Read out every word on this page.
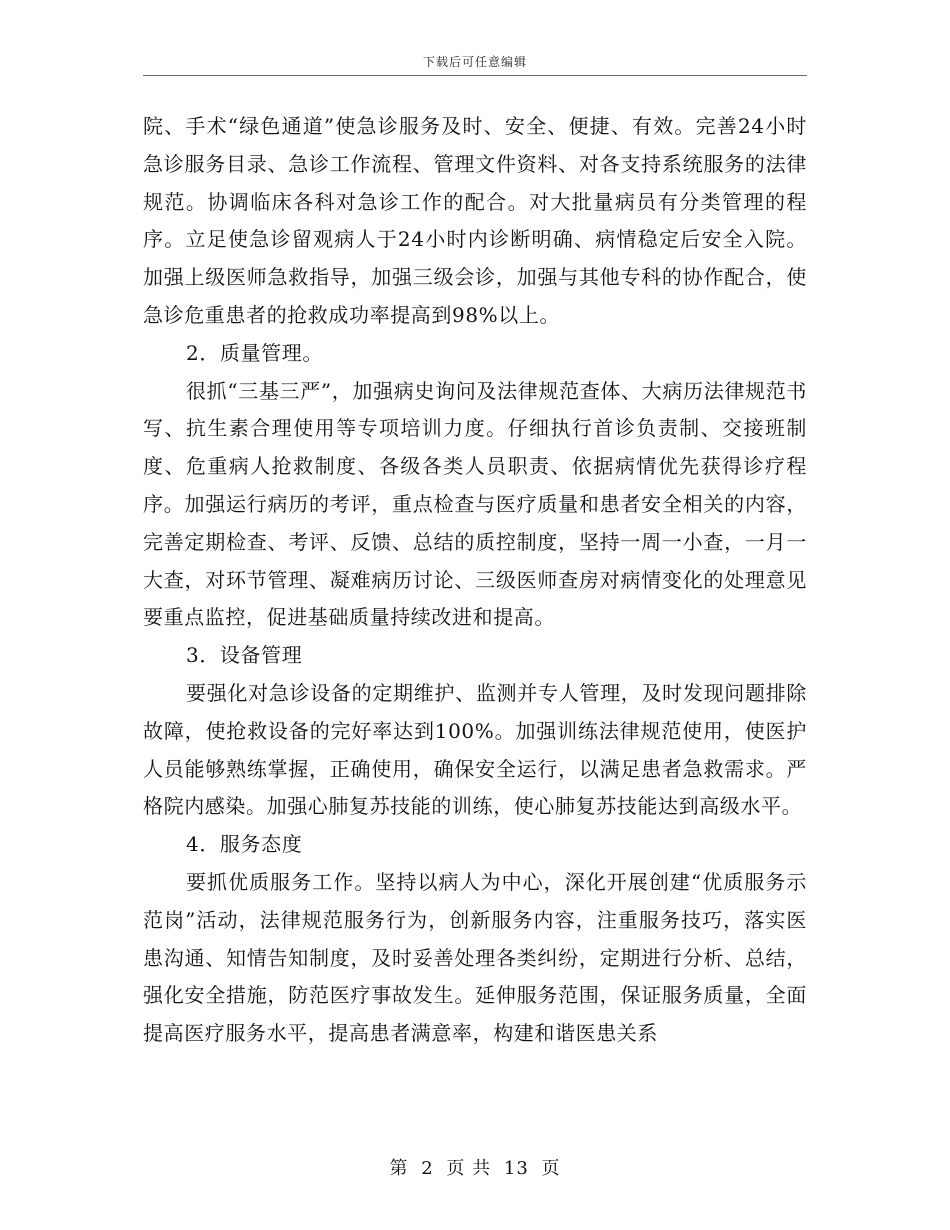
下载后可任意编辑

院、手术“绿色通道”使急诊服务及时、安全、便捷、有效。完善24小时急诊服务目录、急诊工作流程、管理文件资料、对各支持系统服务的法律规范。协调临床各科对急诊工作的配合。对大批量病员有分类管理的程序。立足使急诊留观病人于24小时内诊断明确、病情稳定后安全入院。加强上级医师急救指导，加强三级会诊，加强与其他专科的协作配合，使急诊危重患者的抢救成功率提高到98%以上。

2．质量管理。

很抓“三基三严”，加强病史询问及法律规范查体、大病历法律规范书写、抗生素合理使用等专项培训力度。仔细执行首诊负责制、交接班制度、危重病人抢救制度、各级各类人员职责、依据病情优先获得诊疗程序。加强运行病历的考评，重点检查与医疗质量和患者安全相关的内容，完善定期检查、考评、反馈、总结的质控制度，坚持一周一小查，一月一大查，对环节管理、凝难病历讨论、三级医师查房对病情变化的处理意见要重点监控，促进基础质量持续改进和提高。

3．设备管理

要强化对急诊设备的定期维护、监测并专人管理，及时发现问题排除故障，使抢救设备的完好率达到100%。加强训练法律规范使用，使医护人员能够熟练掌握，正确使用，确保安全运行，以满足患者急救需求。严格院内感染。加强心肺复苏技能的训练，使心肺复苏技能达到高级水平。

4．服务态度

要抓优质服务工作。坚持以病人为中心，深化开展创建“优质服务示范岗”活动，法律规范服务行为，创新服务内容，注重服务技巧，落实医患沟通、知情告知制度，及时妥善处理各类纠纷，定期进行分析、总结，强化安全措施，防范医疗事故发生。延伸服务范围，保证服务质量，全面提高医疗服务水平，提高患者满意率，构建和谐医患关系

第 2 页 共 13 页
